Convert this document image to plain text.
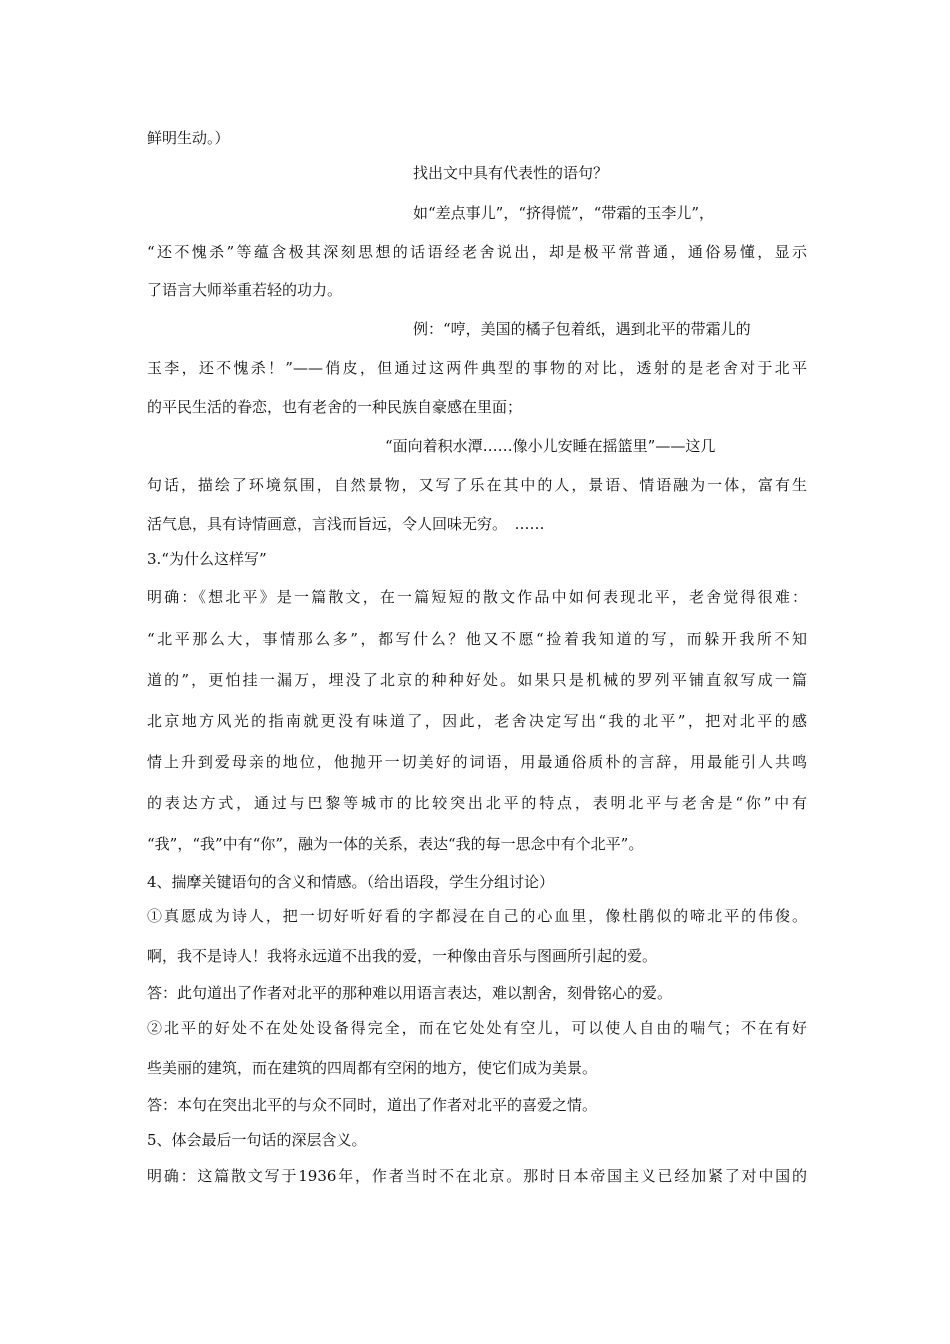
鲜明生动。）
找出文中具有代表性的语句？
如“差点事儿”，“挤得慌”，“带霜的玉李儿”，
“还不愧杀”等蕴含极其深刻思想的话语经老舍说出，却是极平常普通，通俗易懂，显示
了语言大师举重若轻的功力。
例：“哼，美国的橘子包着纸，遇到北平的带霜儿的
玉李，还不愧杀！”——俏皮，但通过这两件典型的事物的对比，透射的是老舍对于北平
的平民生活的眷恋，也有老舍的一种民族自豪感在里面；
“面向着积水潭……像小儿安睡在摇篮里”——这几
句话，描绘了环境氛围，自然景物，又写了乐在其中的人，景语、情语融为一体，富有生
活气息，具有诗情画意，言浅而旨远，令人回味无穷。　……
3.“为什么这样写”
明确：《想北平》是一篇散文，在一篇短短的散文作品中如何表现北平，老舍觉得很难：
“北平那么大，事情那么多”，都写什么？他又不愿“捡着我知道的写，而躲开我所不知
道的”，更怕挂一漏万，埋没了北京的种种好处。如果只是机械的罗列平铺直叙写成一篇
北京地方风光的指南就更没有味道了，因此，老舍决定写出“我的北平”，把对北平的感
情上升到爱母亲的地位，他抛开一切美好的词语，用最通俗质朴的言辞，用最能引人共鸣
的表达方式，通过与巴黎等城市的比较突出北平的特点，表明北平与老舍是“你”中有
“我”，“我”中有“你”，融为一体的关系，表达“我的每一思念中有个北平”。
4、揣摩关键语句的含义和情感。（给出语段，学生分组讨论）
①真愿成为诗人，把一切好听好看的字都浸在自己的心血里，像杜鹃似的啼北平的伟俊。
啊，我不是诗人！我将永远道不出我的爱，一种像由音乐与图画所引起的爱。
答：此句道出了作者对北平的那种难以用语言表达，难以割舍，刻骨铭心的爱。
②北平的好处不在处处设备得完全，而在它处处有空儿，可以使人自由的喘气；不在有好
些美丽的建筑，而在建筑的四周都有空闲的地方，使它们成为美景。
答：本句在突出北平的与众不同时，道出了作者对北平的喜爱之情。
5、体会最后一句话的深层含义。
明确：这篇散文写于1936年，作者当时不在北京。那时日本帝国主义已经加紧了对中国的
